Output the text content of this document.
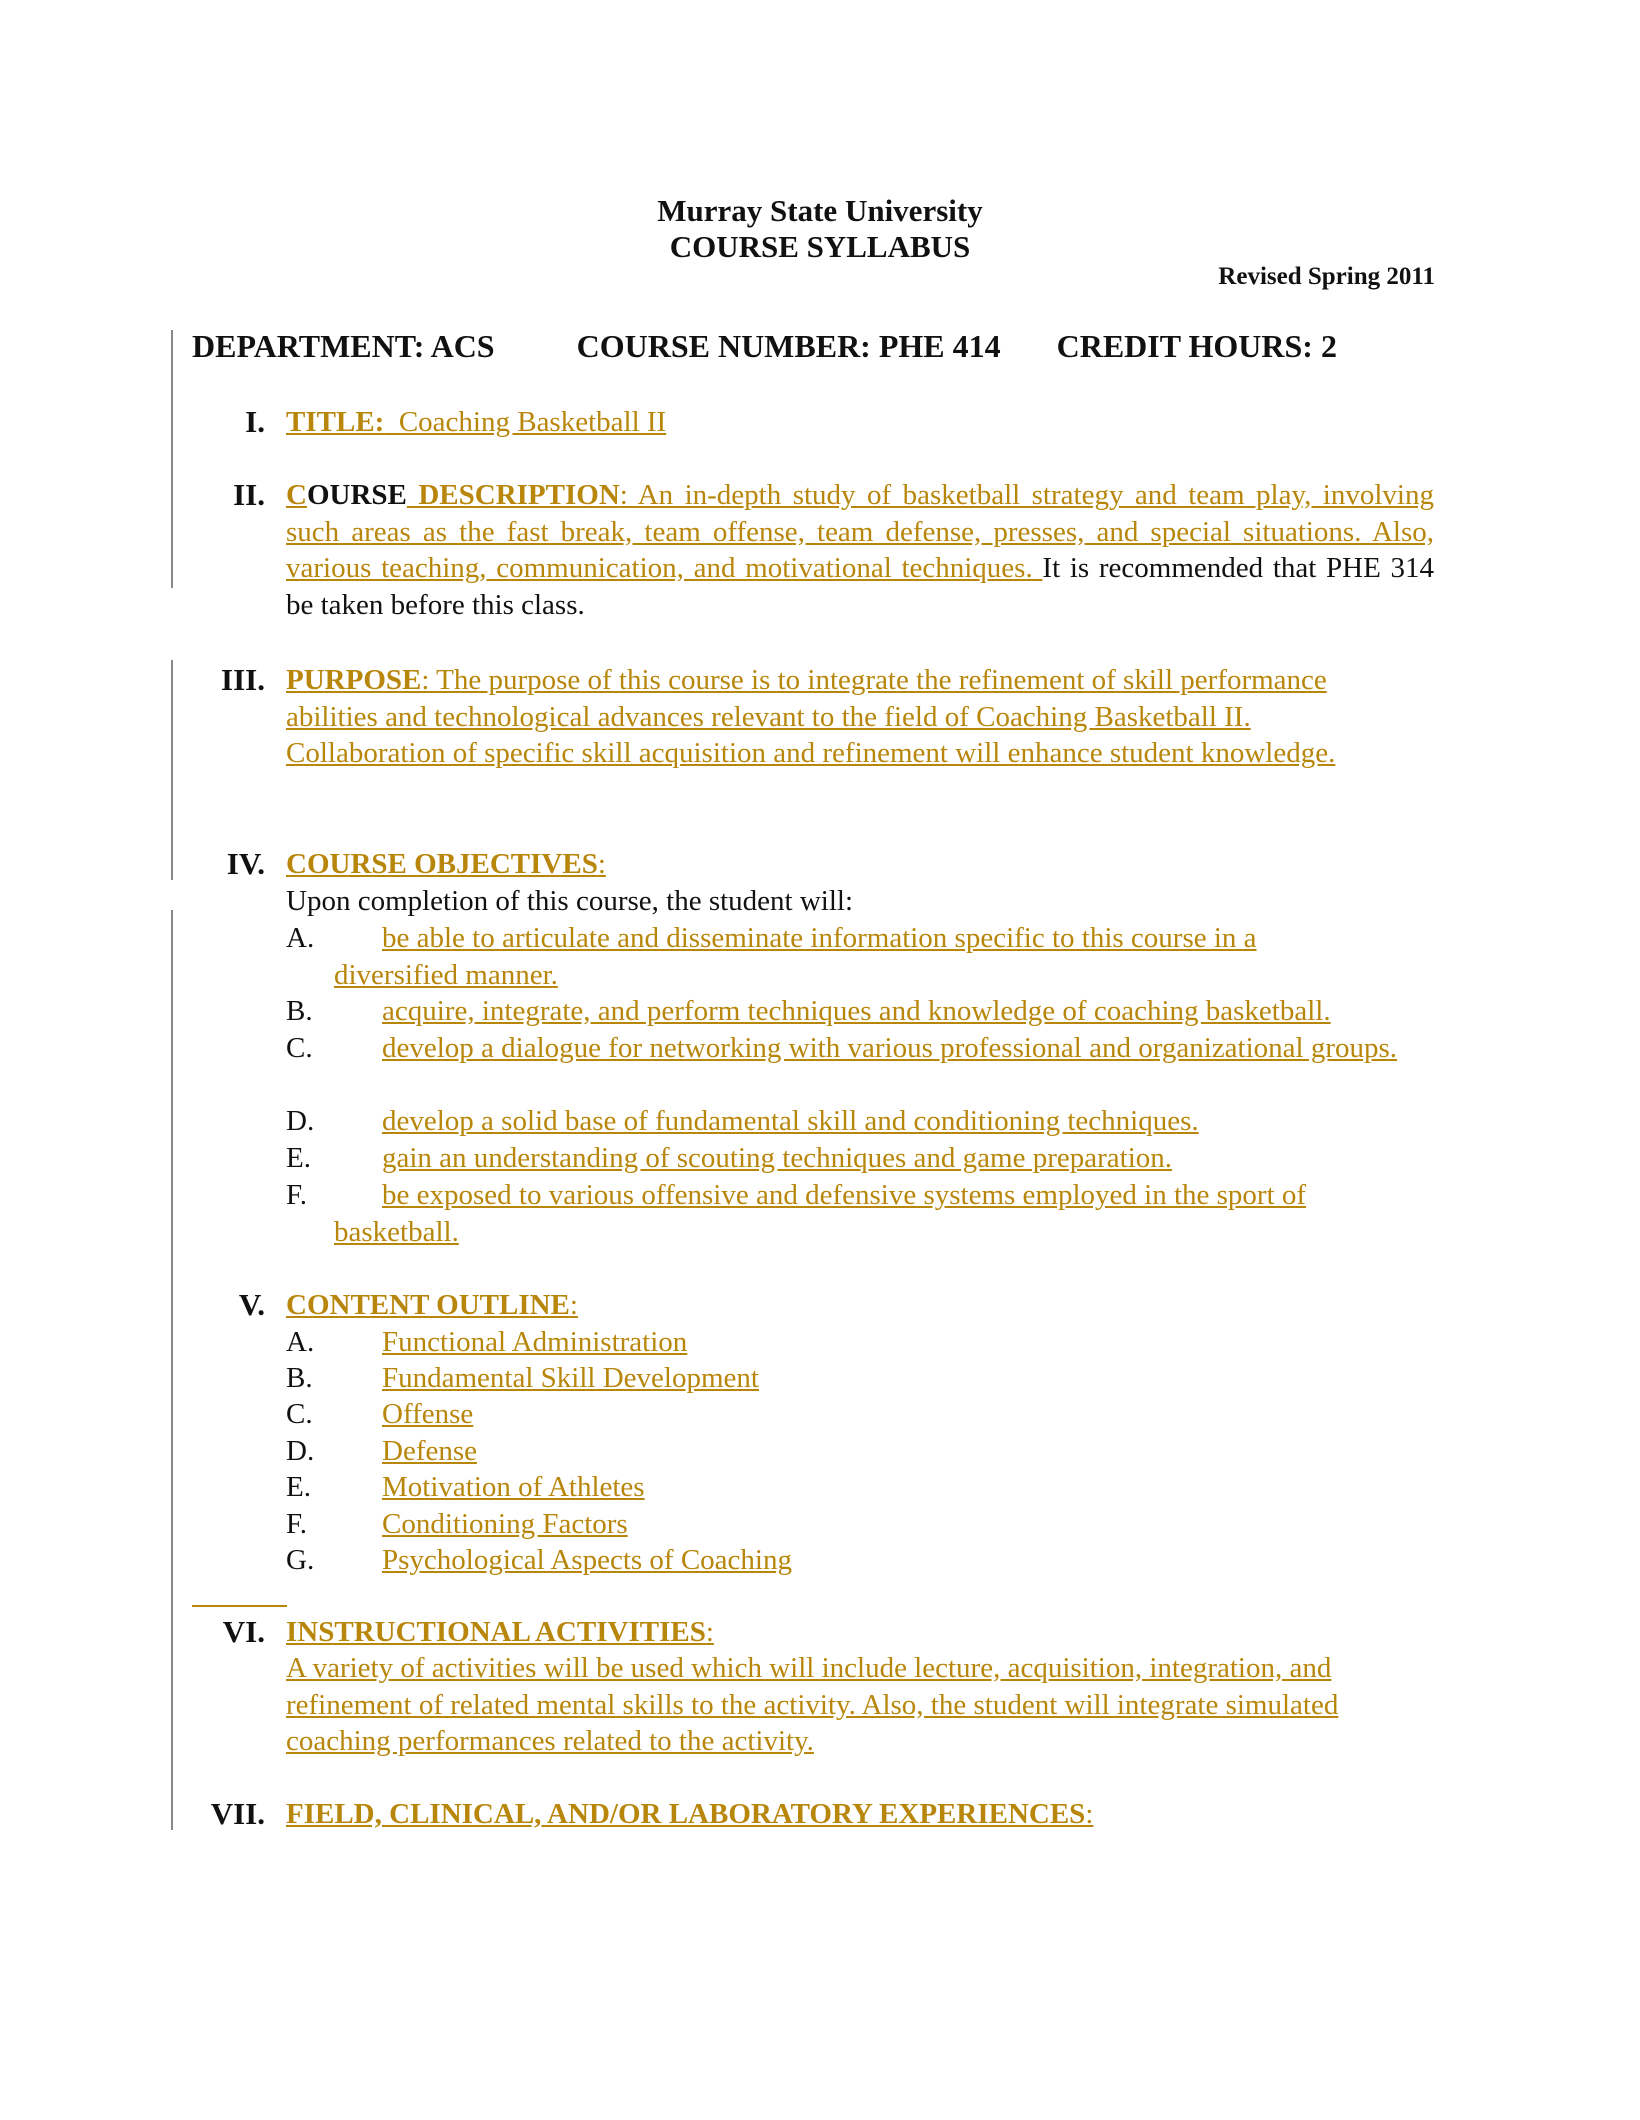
Murray State University
COURSE SYLLABUS
Revised Spring 2011
DEPARTMENT: ACS	COURSE NUMBER: PHE 414 CREDIT HOURS: 2
I. TITLE: Coaching Basketball II
II. COURSE DESCRIPTION: An in-depth study of basketball strategy and team play, involving such areas as the fast break, team offense, team defense, presses, and special situations. Also, various teaching, communication, and motivational techniques. It is recommended that PHE 314 be taken before this class.
III. PURPOSE: The purpose of this course is to integrate the refinement of skill performance abilities and technological advances relevant to the field of Coaching Basketball II. Collaboration of specific skill acquisition and refinement will enhance student knowledge.
IV. COURSE OBJECTIVES:
Upon completion of this course, the student will:
A.	be able to articulate and disseminate information specific to this course in a diversified manner.
B.	acquire, integrate, and perform techniques and knowledge of coaching basketball.
C.	develop a dialogue for networking with various professional and organizational groups.
D.	develop a solid base of fundamental skill and conditioning techniques.
E.	gain an understanding of scouting techniques and game preparation.
F.	be exposed to various offensive and defensive systems employed in the sport of basketball.
V. CONTENT OUTLINE:
A.	Functional Administration
B.	Fundamental Skill Development
C.	Offense
D.	Defense
E.	Motivation of Athletes
F.	Conditioning Factors
G.	Psychological Aspects of Coaching
VI. INSTRUCTIONAL ACTIVITIES:
A variety of activities will be used which will include lecture, acquisition, integration, and refinement of related mental skills to the activity. Also, the student will integrate simulated coaching performances related to the activity.
VII. FIELD, CLINICAL, AND/OR LABORATORY EXPERIENCES:
